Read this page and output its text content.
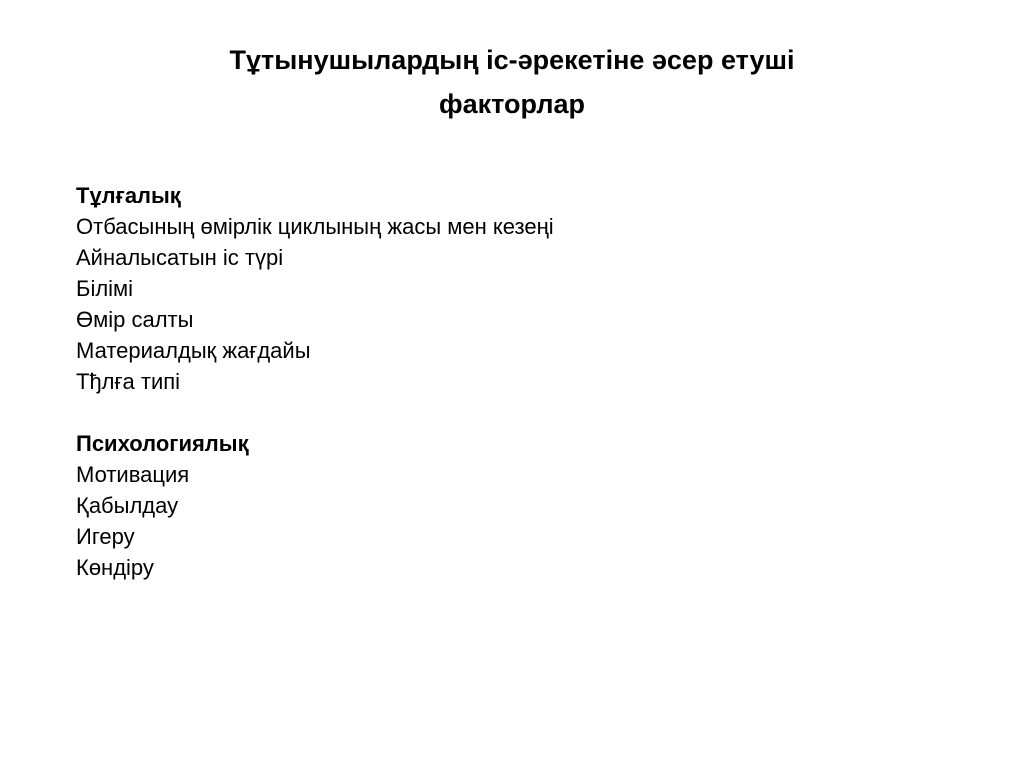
Тұтынушылардың іс-әрекетіне әсер етуші
факторлар
Тұлғалық
Отбасының өмірлік циклының жасы мен кезеңі
Айналысатын іс түрі
Білімі
Өмір салты
Материалдық жағдайы
Тђлға типі
Психологиялық
Мотивация
Қабылдау
Игеру
Көндіру
